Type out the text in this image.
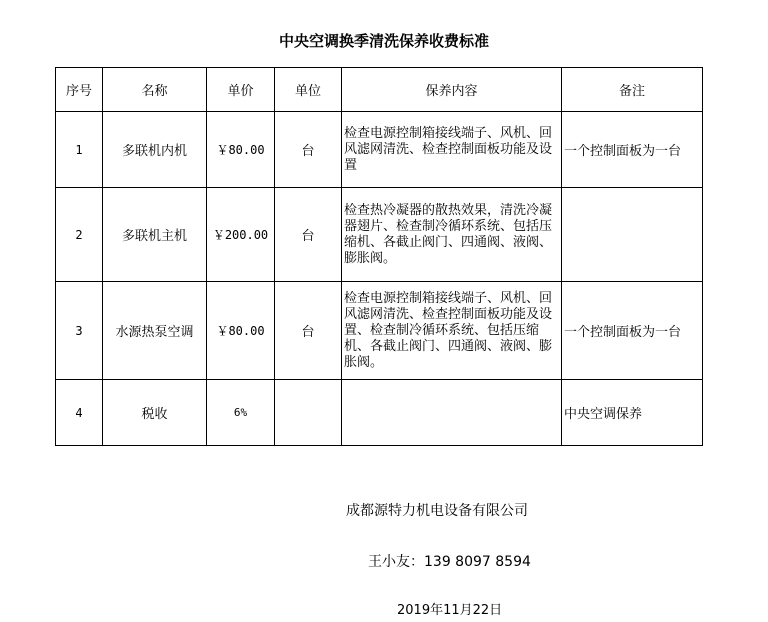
中央空调换季清洗保养收费标准
序号	名称	单价	单位	保养内容	备注
1	多联机内机	￥80.00	台	检查电源控制箱接线端子、风机、回风滤网清洗、检查控制面板功能及设置	一个控制面板为一台
2	多联机主机	￥200.00	台	检查热冷凝器的散热效果，清洗冷凝器翅片、检查制冷循环系统、包括压缩机、各截止阀门、四通阀、液阀、膨胀阀。	
3	水源热泵空调	￥80.00	台	检查电源控制箱接线端子、风机、回风滤网清洗、检查控制面板功能及设置、检查制冷循环系统、包括压缩机、各截止阀门、四通阀、液阀、膨胀阀。	一个控制面板为一台
4	税收	6%			中央空调保养
成都源特力机电设备有限公司
王小友：139 8097 8594
2019年11月22日
